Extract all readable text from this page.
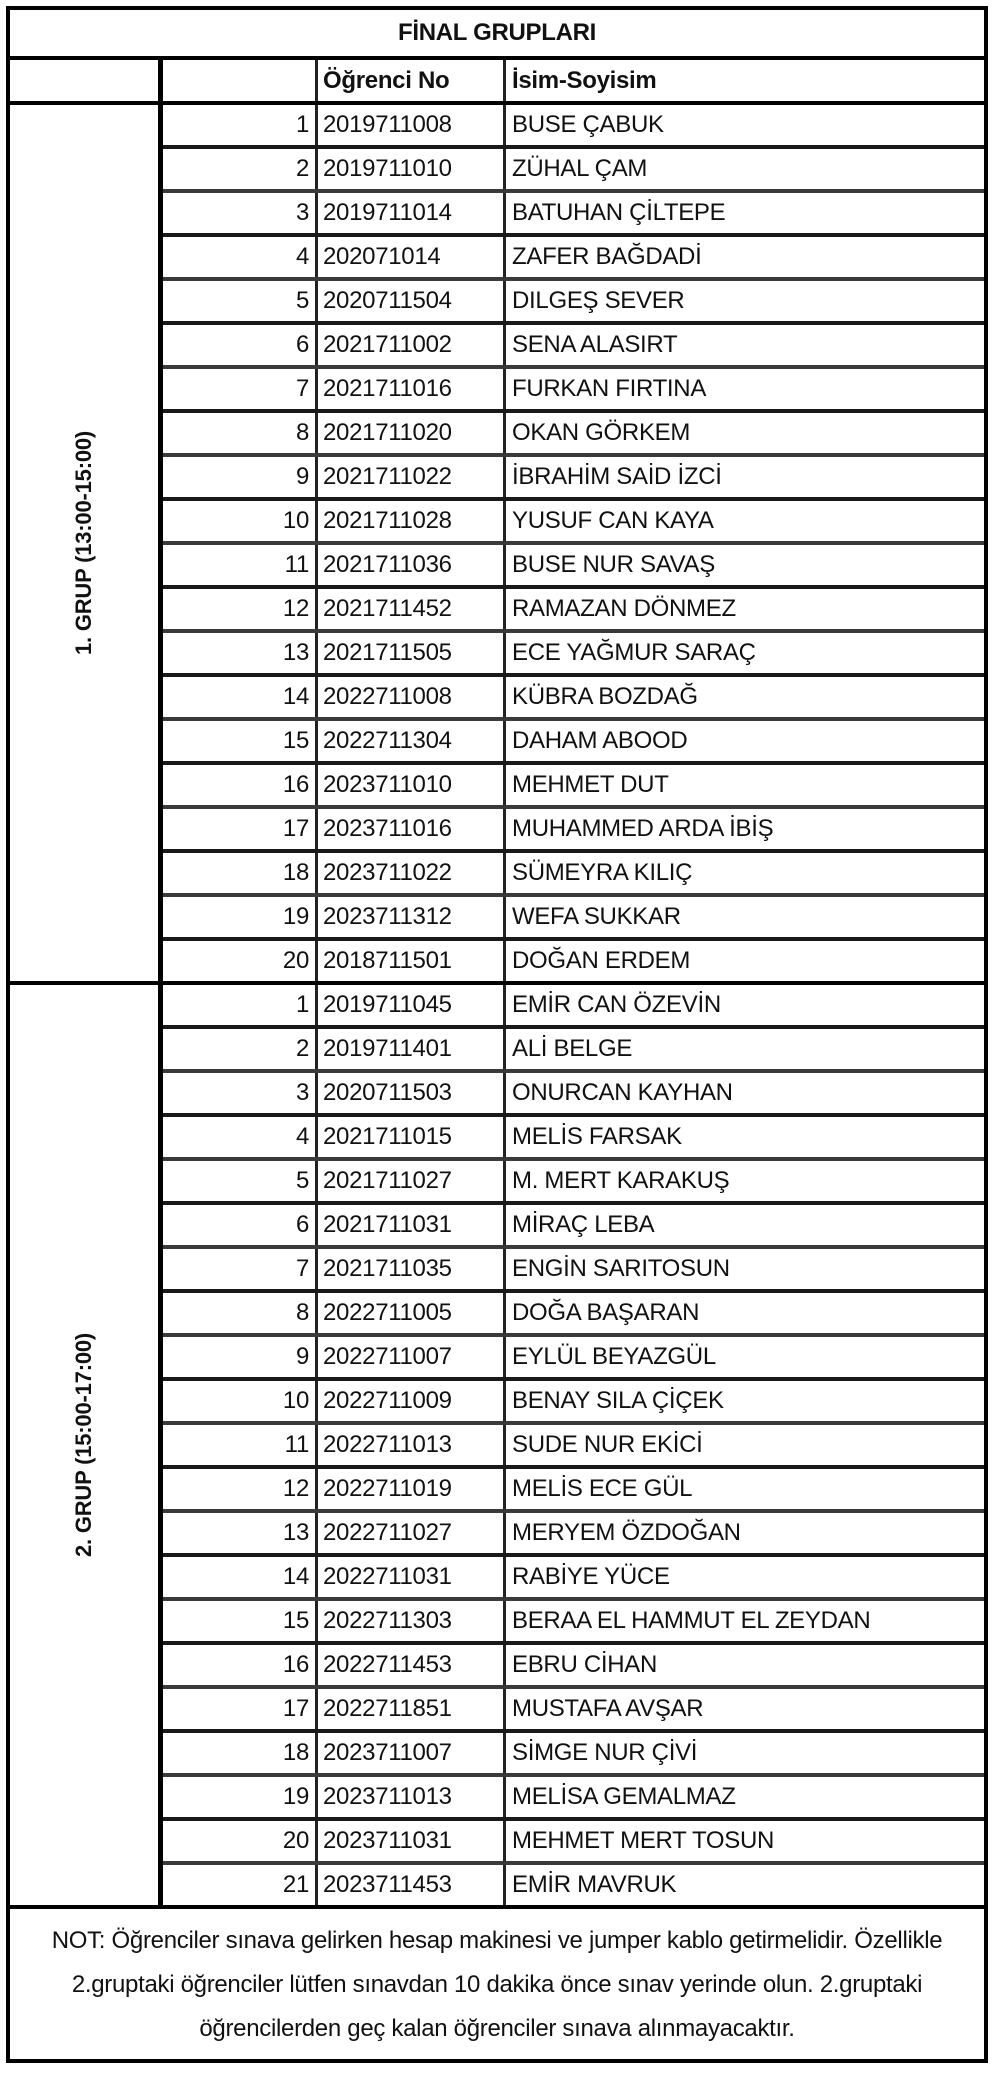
FİNAL GRUPLARI
Öğrenci No	İsim-Soyisim
1. GRUP (13:00-15:00)
1 2019711008	BUSE ÇABUK
2 2019711010	ZÜHAL ÇAM
3 2019711014	BATUHAN ÇİLTEPE
4 202071014	ZAFER BAĞDADİ
5 2020711504	DILGEŞ SEVER
6 2021711002	SENA ALASIRT
7 2021711016	FURKAN FIRTINA
8 2021711020	OKAN GÖRKEM
9 2021711022	İBRAHİM SAİD İZCİ
10 2021711028	YUSUF CAN KAYA
11 2021711036	BUSE NUR SAVAŞ
12 2021711452	RAMAZAN DÖNMEZ
13 2021711505	ECE YAĞMUR SARAÇ
14 2022711008	KÜBRA BOZDAĞ
15 2022711304	DAHAM ABOOD
16 2023711010	MEHMET DUT
17 2023711016	MUHAMMED ARDA İBİŞ
18 2023711022	SÜMEYRA KILIÇ
19 2023711312	WEFA SUKKAR
20 2018711501	DOĞAN ERDEM
2. GRUP (15:00-17:00)
1 2019711045	EMİR CAN ÖZEVİN
2 2019711401	ALİ BELGE
3 2020711503	ONURCAN KAYHAN
4 2021711015	MELİS FARSAK
5 2021711027	M. MERT KARAKUŞ
6 2021711031	MİRAÇ LEBA
7 2021711035	ENGİN SARITOSUN
8 2022711005	DOĞA BAŞARAN
9 2022711007	EYLÜL BEYAZGÜL
10 2022711009	BENAY SILA ÇİÇEK
11 2022711013	SUDE NUR EKİCİ
12 2022711019	MELİS ECE GÜL
13 2022711027	MERYEM ÖZDOĞAN
14 2022711031	RABİYE YÜCE
15 2022711303	BERAA EL HAMMUT EL ZEYDAN
16 2022711453	EBRU CİHAN
17 2022711851	MUSTAFA AVŞAR
18 2023711007	SİMGE NUR ÇİVİ
19 2023711013	MELİSA GEMALMAZ
20 2023711031	MEHMET MERT TOSUN
21 2023711453	EMİR MAVRUK
NOT: Öğrenciler sınava gelirken hesap makinesi ve jumper kablo getirmelidir. Özellikle 2.gruptaki öğrenciler lütfen sınavdan 10 dakika önce sınav yerinde olun. 2.gruptaki öğrencilerden geç kalan öğrenciler sınava alınmayacaktır.
